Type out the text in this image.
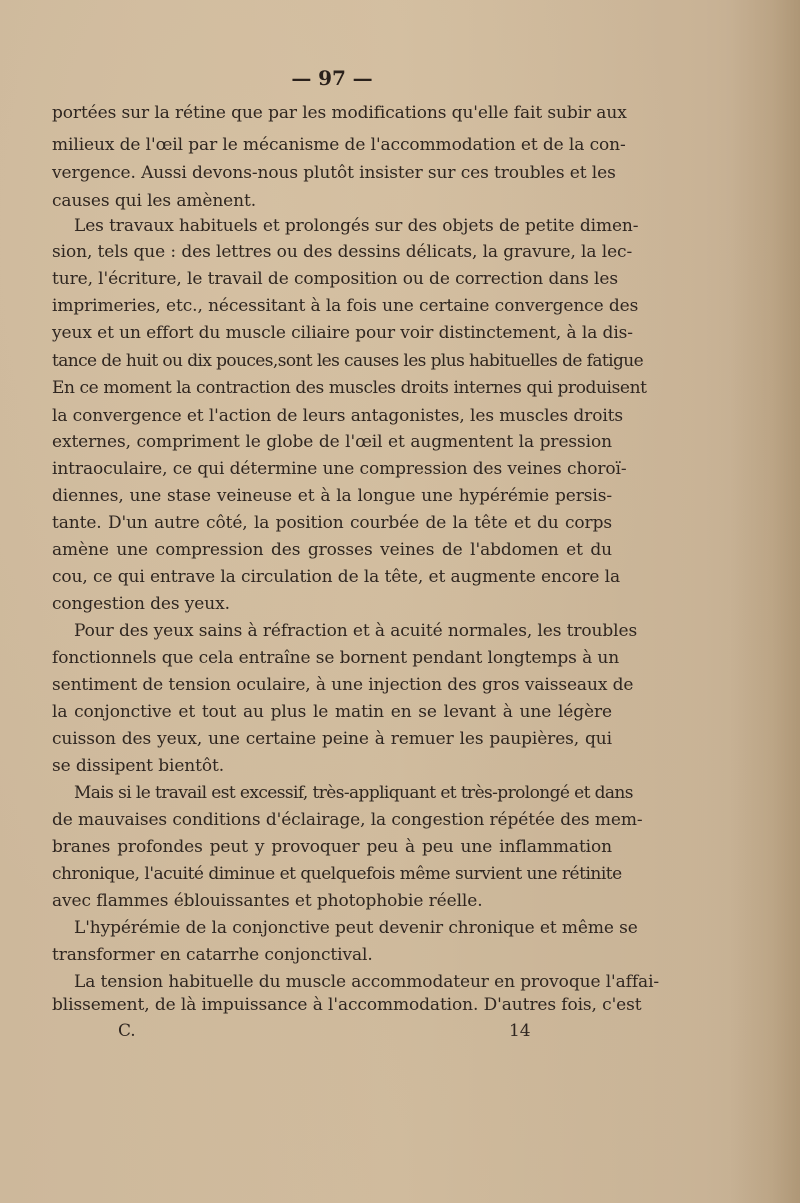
— 97 —
portées sur la rétine que par les modifications qu'elle fait subir aux
milieux de l'œil par le mécanisme de l'accommodation et de la con-
vergence. Aussi devons-nous plutôt insister sur ces troubles et les
causes qui les amènent.
Les travaux habituels et prolongés sur des objets de petite dimen-
sion, tels que : des lettres ou des dessins délicats, la gravure, la lec-
ture, l'écriture, le travail de composition ou de correction dans les
imprimeries, etc., nécessitant à la fois une certaine convergence des
yeux et un effort du muscle ciliaire pour voir distinctement, à la dis-
tance de huit ou dix pouces,sont les causes les plus habituelles de fatigue
En ce moment la contraction des muscles droits internes qui produisent
la convergence et l'action de leurs antagonistes, les muscles droits
externes, compriment le globe de l'œil et augmentent la pression
intraoculaire, ce qui détermine une compression des veines choroï-
diennes, une stase veineuse et à la longue une hypérémie persis-
tante. D'un autre côté, la position courbée de la tête et du corps
amène une compression des grosses veines de l'abdomen et du
cou, ce qui entrave la circulation de la tête, et augmente encore la
congestion des yeux.
Pour des yeux sains à réfraction et à acuité normales, les troubles
fonctionnels que cela entraîne se bornent pendant longtemps à un
sentiment de tension oculaire, à une injection des gros vaisseaux de
la conjonctive et tout au plus le matin en se levant à une légère
cuisson des yeux, une certaine peine à remuer les paupières, qui
se dissipent bientôt.
Mais si le travail est excessif, très-appliquant et très-prolongé et dans
de mauvaises conditions d'éclairage, la congestion répétée des mem-
branes profondes peut y provoquer peu à peu une inflammation
chronique, l'acuité diminue et quelquefois même survient une rétinite
avec flammes éblouissantes et photophobie réelle.
L'hypérémie de la conjonctive peut devenir chronique et même se
transformer en catarrhe conjonctival.
La tension habituelle du muscle accommodateur en provoque l'affai-
blissement, de là impuissance à l'accommodation. D'autres fois, c'est
C.	14
